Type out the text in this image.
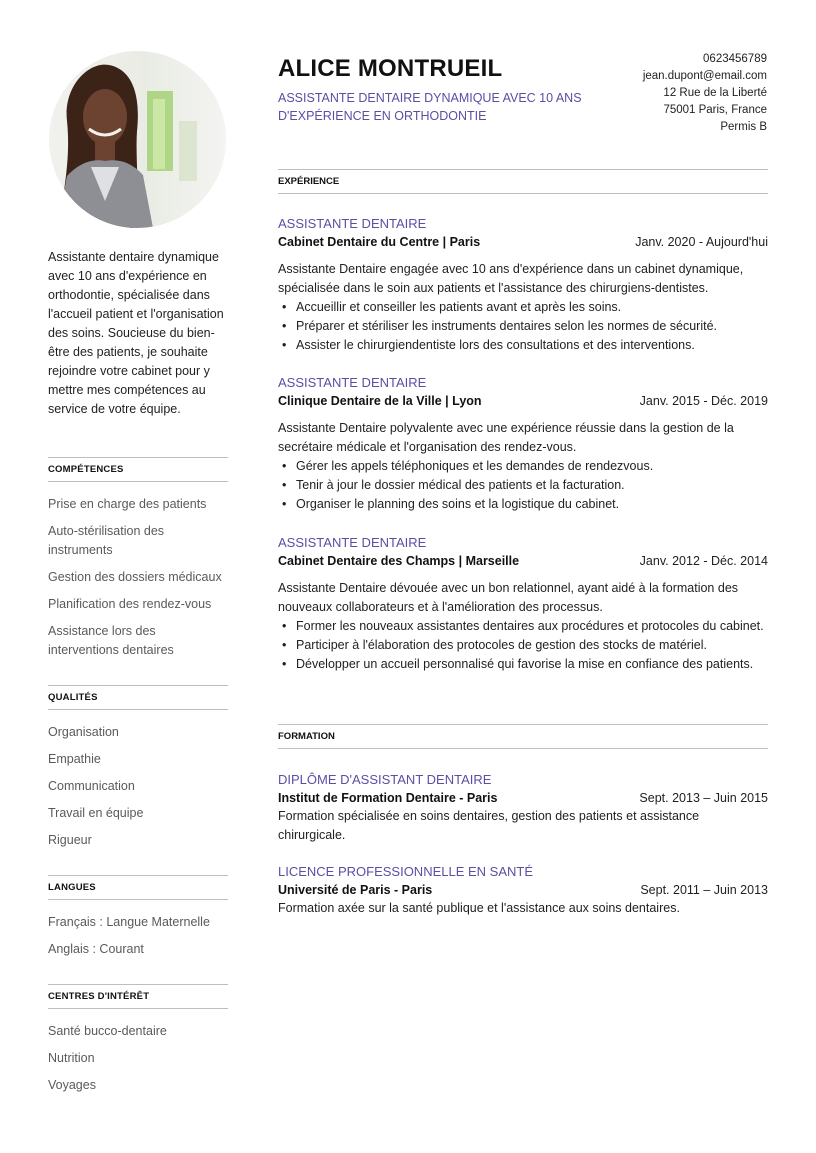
Assistante dentaire dynamique avec 10 ans d'expérience en orthodontie, spécialisée dans l'accueil patient et l'organisation des soins. Soucieuse du bien-être des patients, je souhaite rejoindre votre cabinet pour y mettre mes compétences au service de votre équipe.

COMPÉTENCES
Prise en charge des patients
Auto-stérilisation des instruments
Gestion des dossiers médicaux
Planification des rendez-vous
Assistance lors des interventions dentaires
QUALITÉS
Organisation
Empathie
Communication
Travail en équipe
Rigueur
LANGUES
Français : Langue Maternelle
Anglais : Courant
CENTRES D'INTÉRÊT
Santé bucco-dentaire
Nutrition
Voyages
ALICE MONTRUEIL
ASSISTANTE DENTAIRE DYNAMIQUE AVEC 10 ANS D'EXPÉRIENCE EN ORTHODONTIE
0623456789
jean.dupont@email.com
12 Rue de la Liberté
75001 Paris, France
Permis B
EXPÉRIENCE
ASSISTANTE DENTAIRE
Cabinet Dentaire du Centre | Paris	Janv. 2020 - Aujourd'hui

Assistante Dentaire engagée avec 10 ans d'expérience dans un cabinet dynamique, spécialisée dans le soin aux patients et l'assistance des chirurgiens-dentistes.

• Accueillir et conseiller les patients avant et après les soins.
• Préparer et stériliser les instruments dentaires selon les normes de sécurité.
• Assister le chirurgiendentiste lors des consultations et des interventions.
ASSISTANTE DENTAIRE
Clinique Dentaire de la Ville | Lyon	Janv. 2015 - Déc. 2019

Assistante Dentaire polyvalente avec une expérience réussie dans la gestion de la secrétaire médicale et l'organisation des rendez-vous.

• Gérer les appels téléphoniques et les demandes de rendezvous.
• Tenir à jour le dossier médical des patients et la facturation.
• Organiser le planning des soins et la logistique du cabinet.
ASSISTANTE DENTAIRE
Cabinet Dentaire des Champs | Marseille	Janv. 2012 - Déc. 2014

Assistante Dentaire dévouée avec un bon relationnel, ayant aidé à la formation des nouveaux collaborateurs et à l'amélioration des processus.

• Former les nouveaux assistantes dentaires aux procédures et protocoles du cabinet.
• Participer à l'élaboration des protocoles de gestion des stocks de matériel.
• Développer un accueil personnalisé qui favorise la mise en confiance des patients.
FORMATION
DIPLÔME D'ASSISTANT DENTAIRE
Institut de Formation Dentaire - Paris	Sept. 2013 – Juin 2015

Formation spécialisée en soins dentaires, gestion des patients et assistance chirurgicale.

LICENCE PROFESSIONNELLE EN SANTÉ
Université de Paris - Paris	Sept. 2011 – Juin 2013

Formation axée sur la santé publique et l'assistance aux soins dentaires.
